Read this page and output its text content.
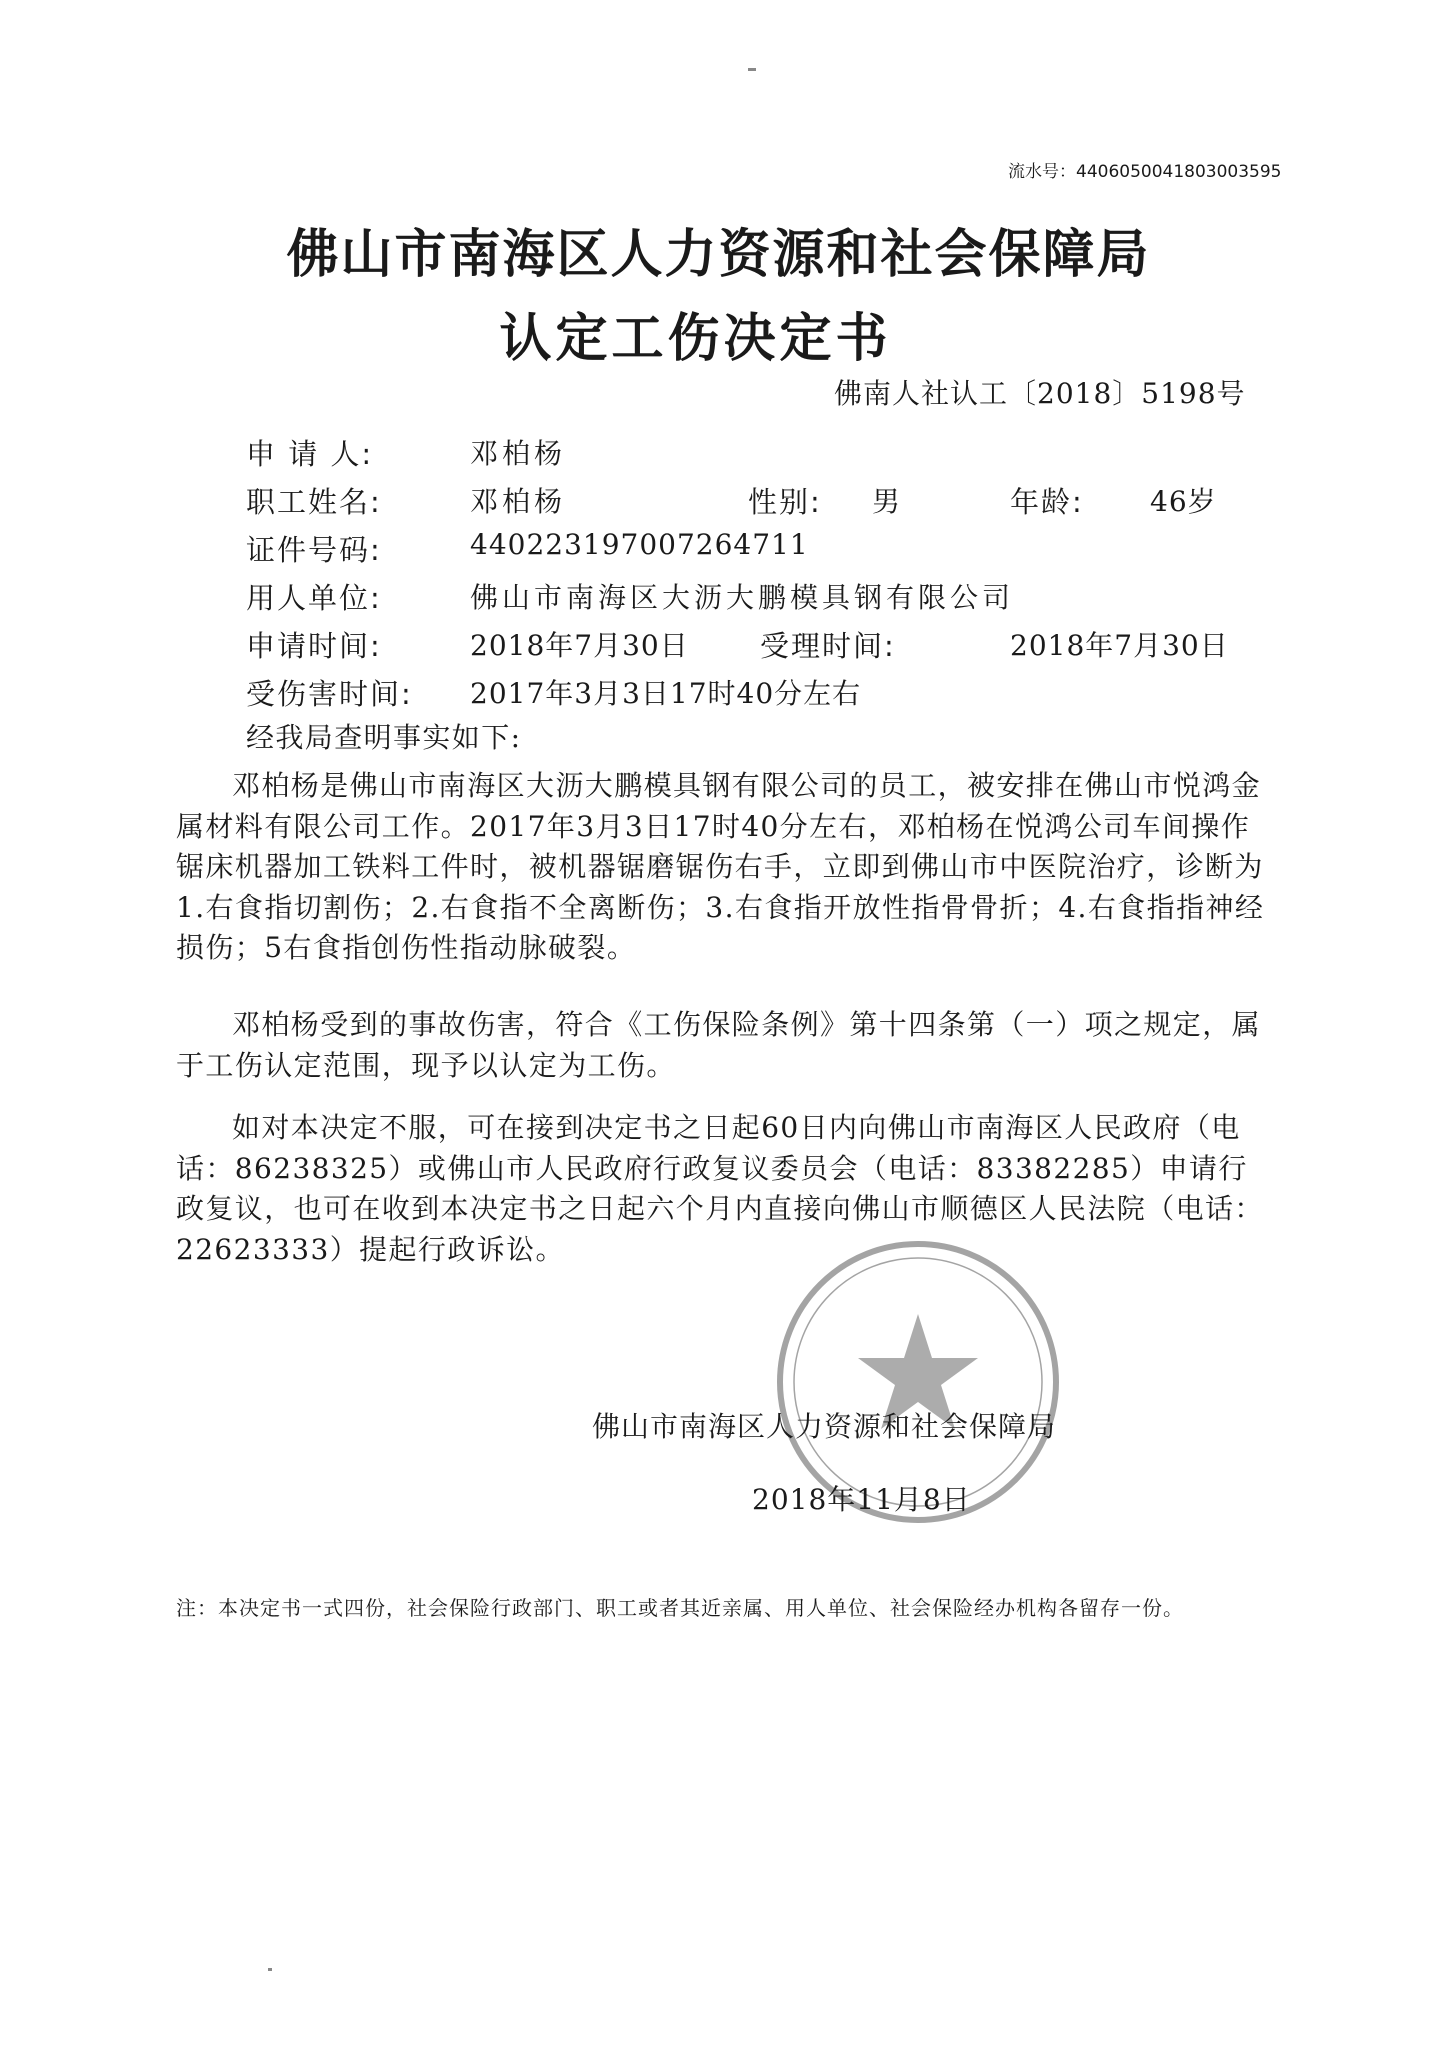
流水号：4406050041803003595
佛山市南海区人力资源和社会保障局
认定工伤决定书
佛南人社认工〔2018〕5198号
申 请 人:	邓柏杨
职工姓名:	邓柏杨	性别: 男	年龄: 46岁
证件号码:	440223197007264711
用人单位:	佛山市南海区大沥大鹏模具钢有限公司
申请时间:	2018年7月30日 受理时间:	2018年7月30日
受伤害时间: 2017年3月3日17时40分左右
经我局查明事实如下:
邓柏杨是佛山市南海区大沥大鹏模具钢有限公司的员工，被安排在佛山市悦鸿金属材料有限公司工作。2017年3月3日17时40分左右，邓柏杨在悦鸿公司车间操作锯床机器加工铁料工件时，被机器锯磨锯伤右手，立即到佛山市中医院治疗，诊断为1.右食指切割伤；2.右食指不全离断伤；3.右食指开放性指骨骨折；4.右食指指神经损伤；5右食指创伤性指动脉破裂。
邓柏杨受到的事故伤害，符合《工伤保险条例》第十四条第（一）项之规定，属于工伤认定范围，现予以认定为工伤。
如对本决定不服，可在接到决定书之日起60日内向佛山市南海区人民政府（电话：86238325）或佛山市人民政府行政复议委员会（电话：83382285）申请行政复议，也可在收到本决定书之日起六个月内直接向佛山市顺德区人民法院（电话：22623333）提起行政诉讼。
佛山市南海区人力资源和社会保障局
2018年11月8日
注：本决定书一式四份，社会保险行政部门、职工或者其近亲属、用人单位、社会保险经办机构各留存一份。
